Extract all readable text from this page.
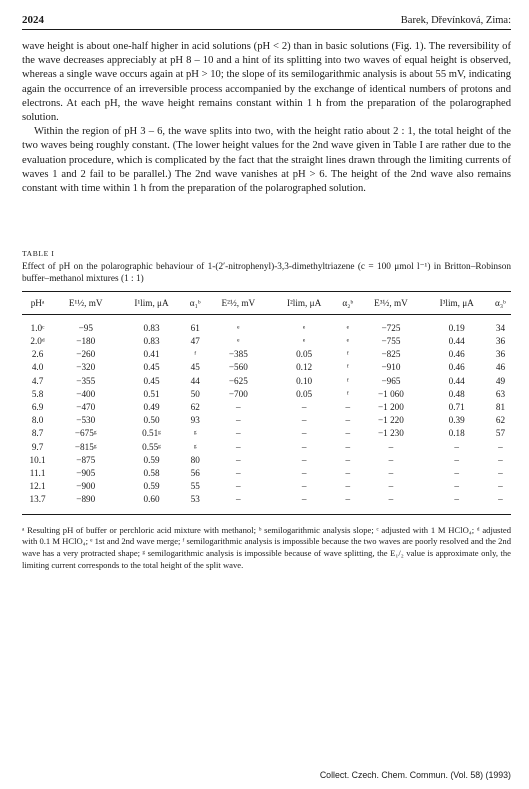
2024	Barek, Dřevínková, Zima:

wave height is about one-half higher in acid solutions (pH < 2) than in basic solutions (Fig. 1). The reversibility of the wave decreases appreciably at pH 8 – 10 and a hint of its splitting into two waves of equal height is observed, whereas a single wave occurs again at pH > 10; the slope of its semilogarithmic analysis is about 55 mV, indicating again the occurrence of an irreversible process accompanied by the exchange of identical numbers of protons and electrons. At each pH, the wave height remains constant within 1 h from the preparation of the polarographed solution.

Within the region of pH 3 – 6, the wave splits into two, with the height ratio about 2 : 1, the total height of the two waves being roughly constant. (The lower height values for the 2nd wave given in Table I are rather due to the evaluation procedure, which is complicated by the fact that the straight lines drawn through the limiting currents of waves 1 and 2 fail to be parallel.) The 2nd wave vanishes at pH > 6. The height of the 2nd wave also remains constant with time within 1 h from the preparation of the polarographed solution.

TABLE I
Effect of pH on the polarographic behaviour of 1-(2′-nitrophenyl)-3,3-dimethyltriazene (c = 100 μmol l⁻¹) in Britton–Robinson buffer–methanol mixtures (1 : 1)
pHᵃ	E¹½, mV	I¹lim, μA	α₁ᵇ	E²½, mV	I²lim, μA	α₂ᵇ	E³½, mV	I³lim, μA	α₃ᵇ
1.0ᶜ	−95	0.83	61	ᵉ	ᵉ	ᵉ	−725	0.19	34
2.0ᵈ	−180	0.83	47	ᵉ	ᵉ	ᵉ	−755	0.44	36
2.6	−260	0.41	ᶠ	−385	0.05	ᶠ	−825	0.46	36
4.0	−320	0.45	45	−560	0.12	ᶠ	−910	0.46	46
4.7	−355	0.45	44	−625	0.10	ᶠ	−965	0.44	49
5.8	−400	0.51	50	−700	0.05	ᶠ	−1 060	0.48	63
6.9	−470	0.49	62	–	–	–	−1 200	0.71	81
8.0	−530	0.50	93	–	–	–	−1 220	0.39	62
8.7	−675ᵍ	0.51ᵍ	ᵍ	–	–	–	−1 230	0.18	57
9.7	−815ᵍ	0.55ᵍ	ᵍ	–	–	–	–	–	–
10.1	−875	0.59	80	–	–	–	–	–	–
11.1	−905	0.58	56	–	–	–	–	–	–
12.1	−900	0.59	55	–	–	–	–	–	–
13.7	−890	0.60	53	–	–	–	–	–	–
ᵃ Resulting pH of buffer or perchloric acid mixture with methanol; ᵇ semilogarithmic analysis slope; ᶜ adjusted with 1 M HClO₄; ᵈ adjusted with 0.1 M HClO₄; ᵉ 1st and 2nd wave merge; ᶠ semilogarithmic analysis is impossible because the two waves are poorly resolved and the 2nd wave has a very protracted shape; ᵍ semilogarithmic analysis is impossible because of wave splitting, the E₁/₂ value is approximate only, the limiting current corresponds to the total height of the split wave.
Collect. Czech. Chem. Commun. (Vol. 58) (1993)
